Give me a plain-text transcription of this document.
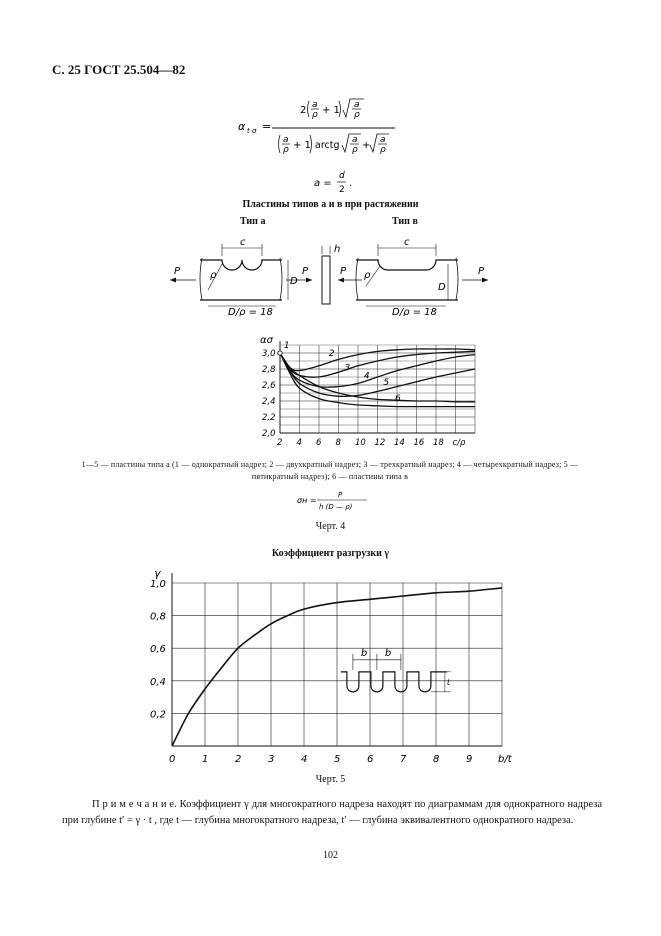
С. 25 ГОСТ 25.504—82
α t σ =
2 a
ρ + 1 a
ρ
a
ρ + 1 arctg a
ρ + a
ρ
a =
d
2
.
Пластины типов а и в при растяжении
Тип а	Тип в
c
P	P
ρ
D
D/ρ = 18
h
P
c
ρ
D
P
D/ρ = 18
2 4 6 8 10 12 14 16 18 c/ρ
3,0
2,8
2,6
2,4
2,2
2,0
ασ
1
2
3
4
5
6
1—5 — пластины типа а (1 — однократный надрез; 2 — двухкратный надрез; 3 — трехкратный надрез; 4 — четырехкратный надрез; 5 — пятикратный надрез); 6 — пластины типа в
σн =
P
h (D — ρ)
Черт. 4
Коэффициент разгрузки γ
0	1	2	3	4	5	6	7	8	9	b/t
1,0
0,8
0,6
0,4
0,2
γ
b b
t
Черт. 5
П р и м е ч а н и е. Коэффициент γ для многократного надреза находят по диаграммам для однократного надреза при глубине t′ = γ · t , где t — глубина многократного надреза, t′ — глубина эквивалентного однократного надреза.
102
